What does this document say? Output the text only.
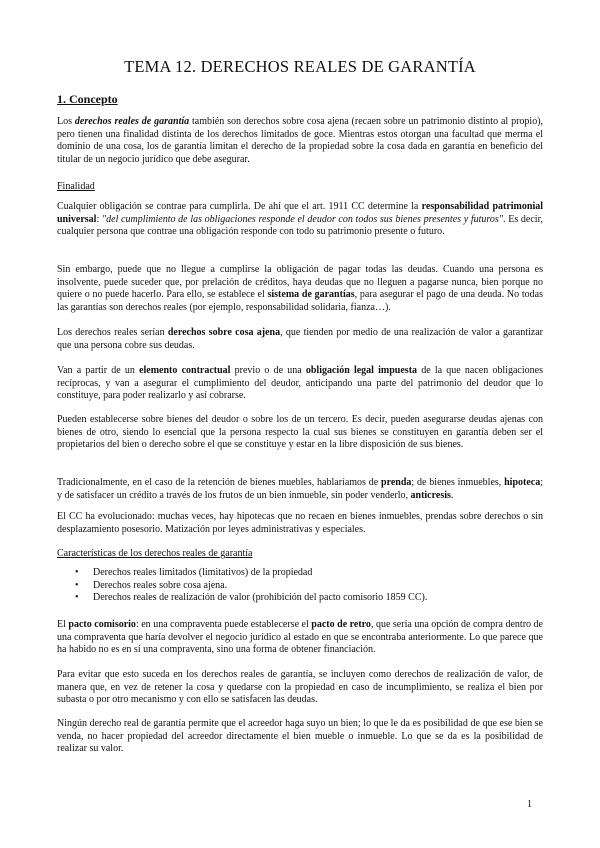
TEMA 12. DERECHOS REALES DE GARANTÍA
1. Concepto

Los derechos reales de garantía también son derechos sobre cosa ajena (recaen sobre un patrimonio distinto al propio), pero tienen una finalidad distinta de los derechos limitados de goce. Mientras estos otorgan una facultad que merma el dominio de una cosa, los de garantía limitan el derecho de la propiedad sobre la cosa dada en garantía en beneficio del titular de un negocio jurídico que debe asegurar.

Finalidad

Cualquier obligación se contrae para cumplirla. De ahí que el art. 1911 CC determine la responsabilidad patrimonial universal: "del cumplimiento de las obligaciones responde el deudor con todos sus bienes presentes y futuros". Es decir, cualquier persona que contrae una obligación responde con todo su patrimonio presente o futuro.

Sin embargo, puede que no llegue a cumplirse la obligación de pagar todas las deudas. Cuando una persona es insolvente, puede suceder que, por prelación de créditos, haya deudas que no lleguen a pagarse nunca, bien porque no quiere o no puede hacerlo. Para ello, se establece el sistema de garantías, para asegurar el pago de una deuda. No todas las garantías son derechos reales (por ejemplo, responsabilidad solidaria, fianza…).

Los derechos reales serían derechos sobre cosa ajena, que tienden por medio de una realización de valor a garantizar que una persona cobre sus deudas.

Van a partir de un elemento contractual previo o de una obligación legal impuesta de la que nacen obligaciones recíprocas, y van a asegurar el cumplimiento del deudor, anticipando una parte del patrimonio del deudor que lo constituye, para poder realizarlo y así cobrarse.

Pueden establecerse sobre bienes del deudor o sobre los de un tercero. Es decir, pueden asegurarse deudas ajenas con bienes de otro, siendo lo esencial que la persona respecto la cual sus bienes se constituyen en garantía deben ser el propietarios del bien o derecho sobre el que se constituye y estar en la libre disposición de sus bienes.

Tradicionalmente, en el caso de la retención de bienes muebles, hablaríamos de prenda; de bienes inmuebles, hipoteca; y de satisfacer un crédito a través de los frutos de un bien inmueble, sin poder venderlo, anticresis.

El CC ha evolucionado: muchas veces, hay hipotecas que no recaen en bienes inmuebles, prendas sobre derechos o sin desplazamiento posesorio. Matización por leyes administrativas y especiales.

Características de los derechos reales de garantía
• Derechos reales limitados (limitativos) de la propiedad
• Derechos reales sobre cosa ajena.
• Derechos reales de realización de valor (prohibición del pacto comisorio 1859 CC).

El pacto comisorio: en una compraventa puede establecerse el pacto de retro, que sería una opción de compra dentro de una compraventa que haría devolver el negocio jurídico al estado en que se encontraba anteriormente. Lo que parece que ha habido no es en sí una compraventa, sino una forma de obtener financiación.

Para evitar que esto suceda en los derechos reales de garantía, se incluyen como derechos de realización de valor, de manera que, en vez de retener la cosa y quedarse con la propiedad en caso de incumplimiento, se realiza el bien por subasta o por otro mecanismo y con ello se satisfacen las deudas.

Ningún derecho real de garantía permite que el acreedor haga suyo un bien; lo que le da es posibilidad de que ese bien se venda, no hacer propiedad del acreedor directamente el bien mueble o inmueble. Lo que se da es la posibilidad de realizar su valor.

1
